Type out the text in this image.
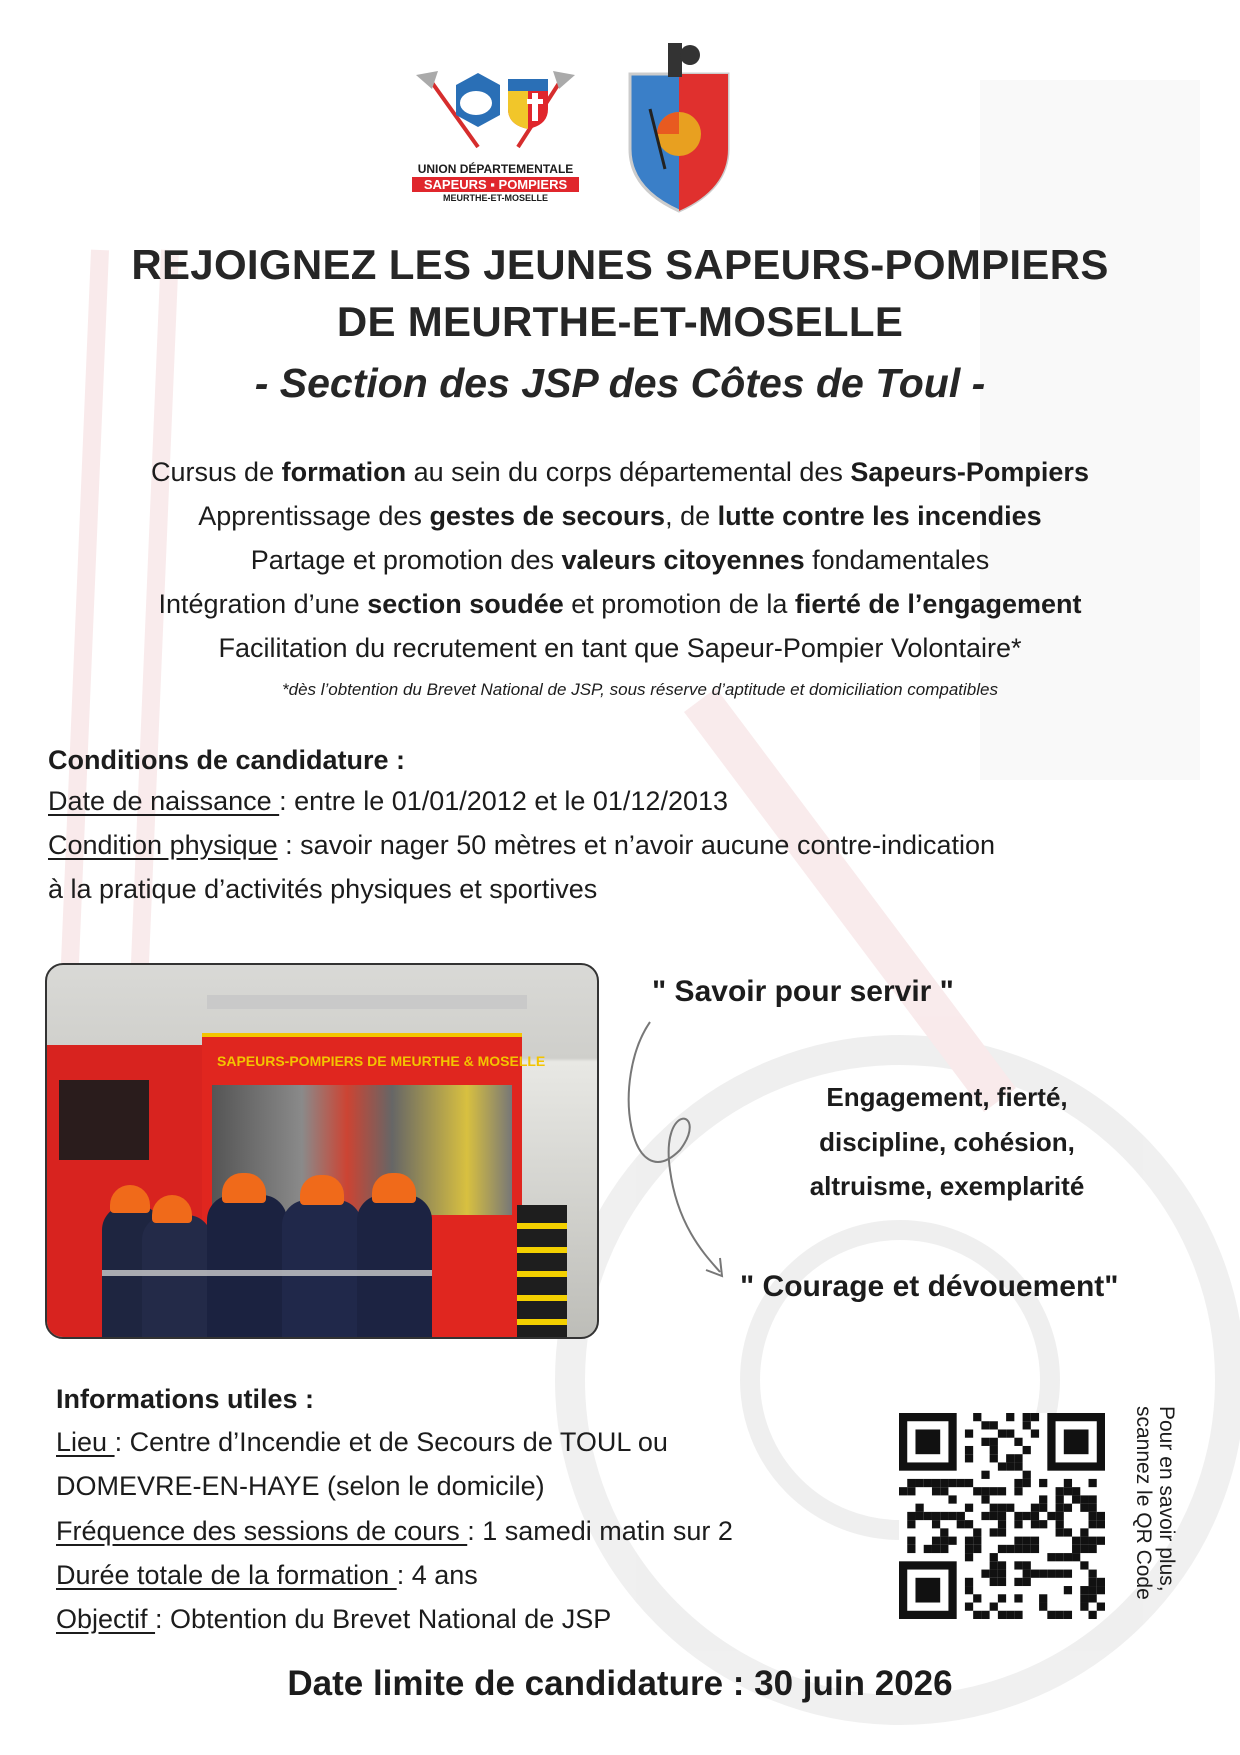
UNION DÉPARTEMENTALE
SAPEURS ▪ POMPIERS
MEURTHE-ET-MOSELLE
REJOIGNEZ LES JEUNES SAPEURS-POMPIERS
DE MEURTHE-ET-MOSELLE
- Section des JSP des Côtes de Toul -
Cursus de formation au sein du corps départemental des Sapeurs-Pompiers
Apprentissage des gestes de secours, de lutte contre les incendies
Partage et promotion des valeurs citoyennes fondamentales
Intégration d’une section soudée et promotion de la fierté de l’engagement
Facilitation du recrutement en tant que Sapeur-Pompier Volontaire*
*dès l’obtention du Brevet National de JSP, sous réserve d’aptitude et domiciliation compatibles
Conditions de candidature :
Date de naissance : entre le 01/01/2012 et le 01/12/2013
Condition physique : savoir nager 50 mètres et n’avoir aucune contre-indication
à la pratique d’activités physiques et sportives
SAPEURS-POMPIERS DE MEURTHE & MOSELLE
" Savoir pour servir "
Engagement, fierté,
discipline, cohésion,
altruisme, exemplarité
" Courage et dévouement"
Informations utiles :
Lieu : Centre d’Incendie et de Secours de TOUL ou
DOMEVRE-EN-HAYE (selon le domicile)
Fréquence des sessions de cours : 1 samedi matin sur 2
Durée totale de la formation : 4 ans
Objectif : Obtention du Brevet National de JSP
Pour en savoir plus,
scannez le QR Code
Date limite de candidature : 30 juin 2026
